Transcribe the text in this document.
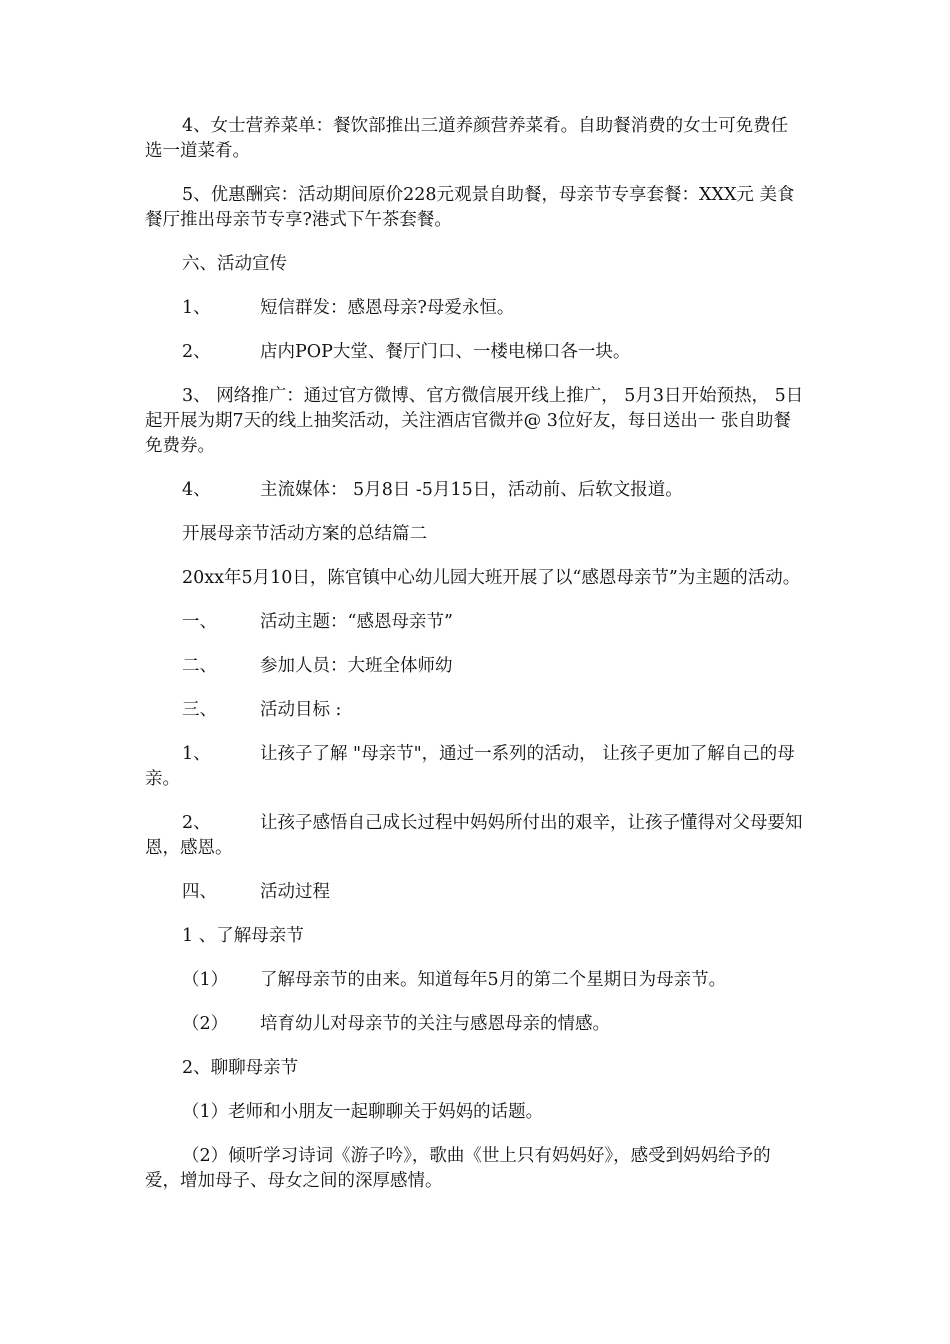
4、女士营养菜单：餐饮部推出三道养颜营养菜肴。自助餐消费的女士可免费任选一道菜肴。

5、优惠酬宾：活动期间原价228元观景自助餐，母亲节专享套餐：XXX元 美食餐厅推出母亲节专享?港式下午茶套餐。

六、活动宣传

1、	短信群发：感恩母亲?母爱永恒。

2、	店内POP大堂、餐厅门口、一楼电梯口各一块。

3、 网络推广：通过官方微博、官方微信展开线上推广， 5月3日开始预热， 5日起开展为期7天的线上抽奖活动，关注酒店官微并@ 3位好友，每日送出一 张自助餐免费券。

4、	主流媒体： 5月8日 -5月15日，活动前、后软文报道。

开展母亲节活动方案的总结篇二

20xx年5月10日，陈官镇中心幼儿园大班开展了以“感恩母亲节”为主题的活动。

一、 活动主题：“感恩母亲节”

二、 参加人员：大班全体师幼

三、 活动目标 :

1、	让孩子了解 "母亲节"，通过一系列的活动， 让孩子更加了解自己的母亲。

2、	让孩子感悟自己成长过程中妈妈所付出的艰辛，让孩子懂得对父母要知 恩，感恩。

四、 活动过程

1 、了解母亲节

（1） 了解母亲节的由来。知道每年5月的第二个星期日为母亲节。

（2） 培育幼儿对母亲节的关注与感恩母亲的情感。

2、聊聊母亲节

（1）老师和小朋友一起聊聊关于妈妈的话题。

（2）倾听学习诗词《游子吟》，歌曲《世上只有妈妈好》，感受到妈妈给予的爱，增加母子、母女之间的深厚感情。
